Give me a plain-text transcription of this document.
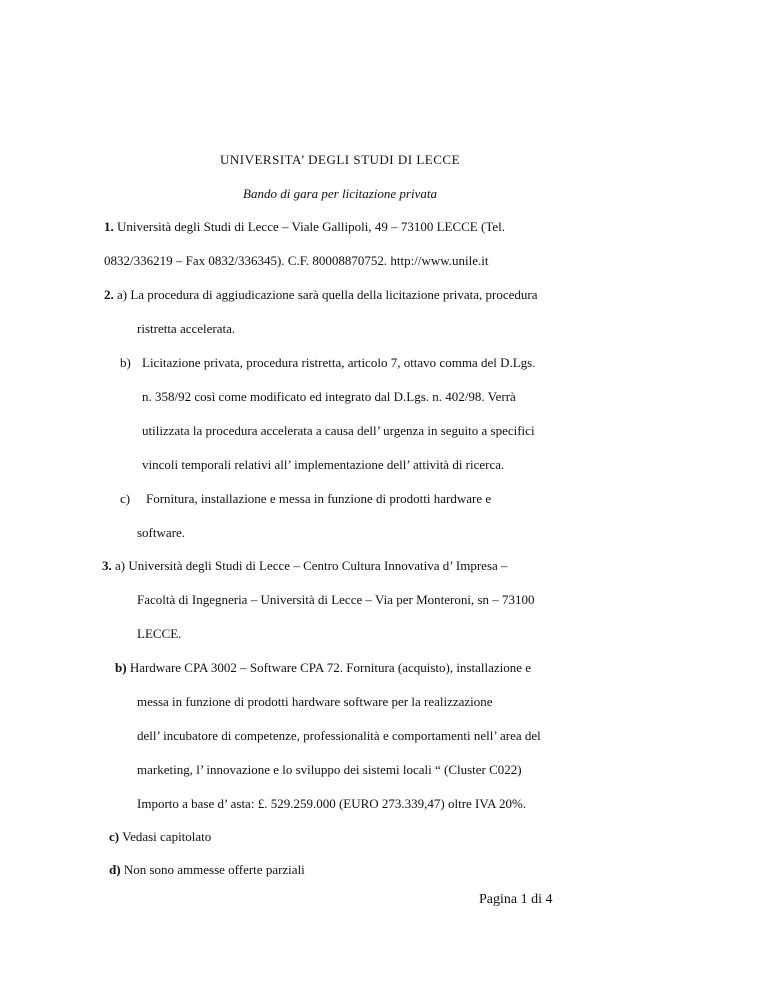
UNIVERSITA’ DEGLI STUDI DI LECCE
Bando di gara per licitazione privata
1. Università degli Studi di Lecce – Viale Gallipoli, 49 – 73100 LECCE (Tel.
0832/336219 – Fax 0832/336345). C.F. 80008870752. http://www.unile.it
2. a) La procedura di aggiudicazione sarà quella della licitazione privata, procedura
ristretta accelerata.
b) Licitazione privata, procedura ristretta, articolo 7, ottavo comma del D.Lgs.
n. 358/92 così come modificato ed integrato dal D.Lgs. n. 402/98. Verrà
utilizzata la procedura accelerata a causa dell’ urgenza in seguito a specifici
vincoli temporali relativi all’ implementazione dell’ attività di ricerca.
c) Fornitura, installazione e messa in funzione di prodotti hardware e
software.
3. a) Università degli Studi di Lecce – Centro Cultura Innovativa d’ Impresa –
Facoltà di Ingegneria – Università di Lecce – Via per Monteroni, sn – 73100
LECCE.
b) Hardware CPA 3002 – Software CPA 72. Fornitura (acquisto), installazione e
messa in funzione di prodotti hardware software per la realizzazione
dell’ incubatore di competenze, professionalità e comportamenti nell’ area del
marketing, l’ innovazione e lo sviluppo dei sistemi locali “ (Cluster C022)
Importo a base d’ asta: £. 529.259.000 (EURO 273.339,47) oltre IVA 20%.
c) Vedasi capitolato
d) Non sono ammesse offerte parziali
Pagina 1 di 4
